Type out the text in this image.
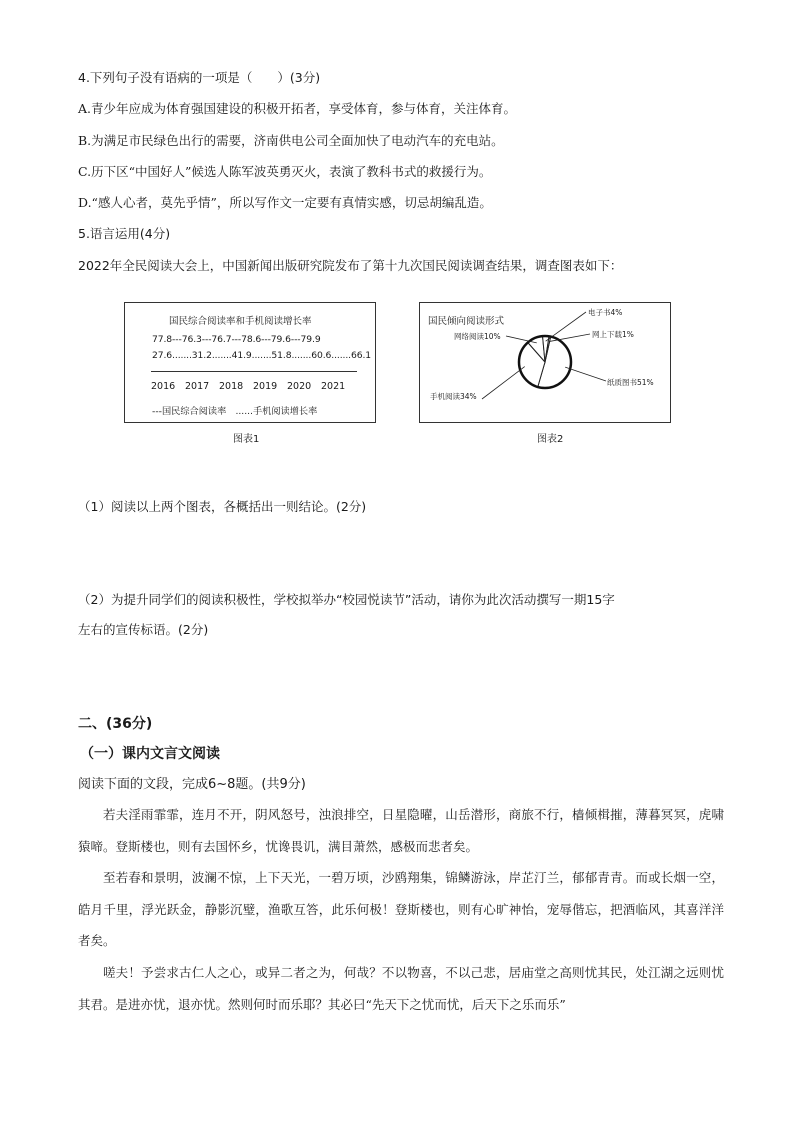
4.下列句子没有语病的一项是（　　）(3分)
A.青少年应成为体育强国建设的积极开拓者，享受体育，参与体育，关注体育。
B.为满足市民绿色出行的需要，济南供电公司全面加快了电动汽车的充电站。
C.历下区“中国好人”候选人陈军波英勇灭火，表演了教科书式的救援行为。
D.“感人心者，莫先乎情”，所以写作文一定要有真情实感，切忌胡编乱造。
5.语言运用(4分)
2022年全民阅读大会上，中国新闻出版研究院发布了第十九次国民阅读调查结果，调查图表如下：
国民综合阅读率和手机阅读增长率
77.8---76.3---76.7---78.6---79.6---79.9
27.6.......31.2.......41.9.......51.8.......60.6.......66.1
2016 2017 2018 2019 2020 2021
---国民综合阅读率　......手机阅读增长率
图表1
国民倾向阅读形式
电子书4%
网上下载1%
网络阅读10%
纸质图书51%
手机阅读34%
图表2
（1）阅读以上两个图表，各概括出一则结论。(2分)
（2）为提升同学们的阅读积极性，学校拟举办“校园悦读节”活动，请你为此次活动撰写一期15字
左右的宣传标语。(2分)
二、(36分)
（一）课内文言文阅读
阅读下面的文段，完成6~8题。(共9分)

若夫淫雨霏霏，连月不开，阴风怒号，浊浪排空，日星隐曜，山岳潜形，商旅不行，樯倾楫摧，薄暮冥冥，虎啸猿啼。登斯楼也，则有去国怀乡，忧谗畏讥，满目萧然，感极而悲者矣。

至若春和景明，波澜不惊，上下天光，一碧万顷，沙鸥翔集，锦鳞游泳，岸芷汀兰，郁郁青青。而或长烟一空，皓月千里，浮光跃金，静影沉璧，渔歌互答，此乐何极！登斯楼也，则有心旷神怡，宠辱偕忘，把酒临风，其喜洋洋者矣。

嗟夫！予尝求古仁人之心，或异二者之为，何哉？不以物喜，不以己悲，居庙堂之高则忧其民，处江湖之远则忧其君。是进亦忧，退亦忧。然则何时而乐耶？其必曰“先天下之忧而忧，后天下之乐而乐”
